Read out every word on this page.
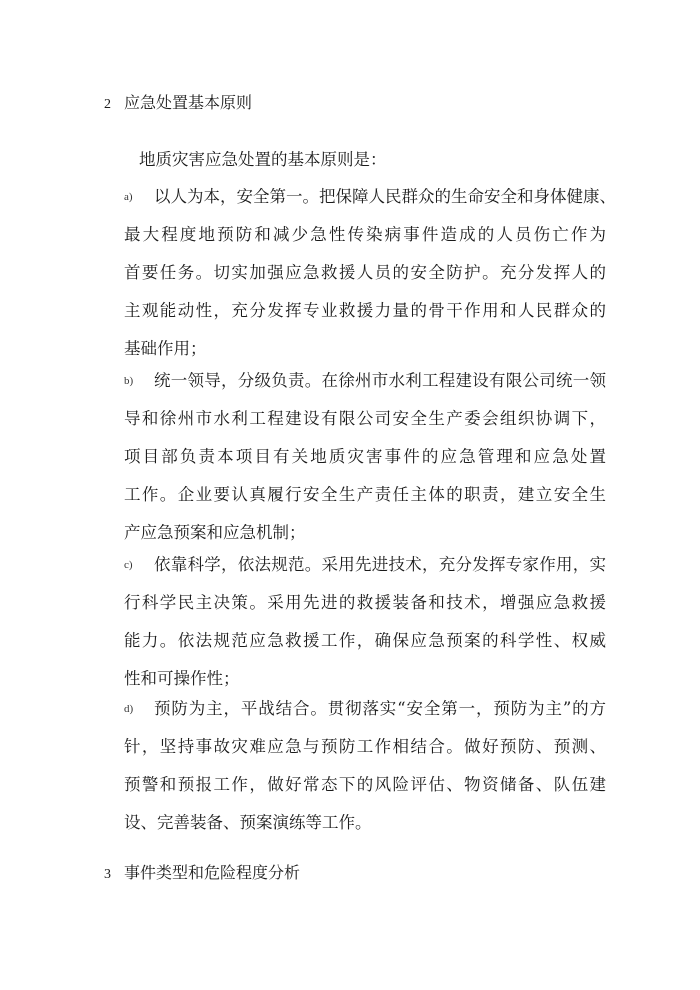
2 应急处置基本原则
地质灾害应急处置的基本原则是：
a) 以人为本，安全第一。把保障人民群众的生命安全和身体健康、
最大程度地预防和减少急性传染病事件造成的人员伤亡作为
首要任务。切实加强应急救援人员的安全防护。充分发挥人的
主观能动性，充分发挥专业救援力量的骨干作用和人民群众的
基础作用；
b) 统一领导，分级负责。在徐州市水利工程建设有限公司统一领
导和徐州市水利工程建设有限公司安全生产委会组织协调下，
项目部负责本项目有关地质灾害事件的应急管理和应急处置
工作。企业要认真履行安全生产责任主体的职责，建立安全生
产应急预案和应急机制；
c) 依靠科学，依法规范。采用先进技术，充分发挥专家作用，实
行科学民主决策。采用先进的救援装备和技术，增强应急救援
能力。依法规范应急救援工作，确保应急预案的科学性、权威
性和可操作性；
d) 预防为主，平战结合。贯彻落实“安全第一，预防为主”的方
针，坚持事故灾难应急与预防工作相结合。做好预防、预测、
预警和预报工作，做好常态下的风险评估、物资储备、队伍建
设、完善装备、预案演练等工作。
3 事件类型和危险程度分析
